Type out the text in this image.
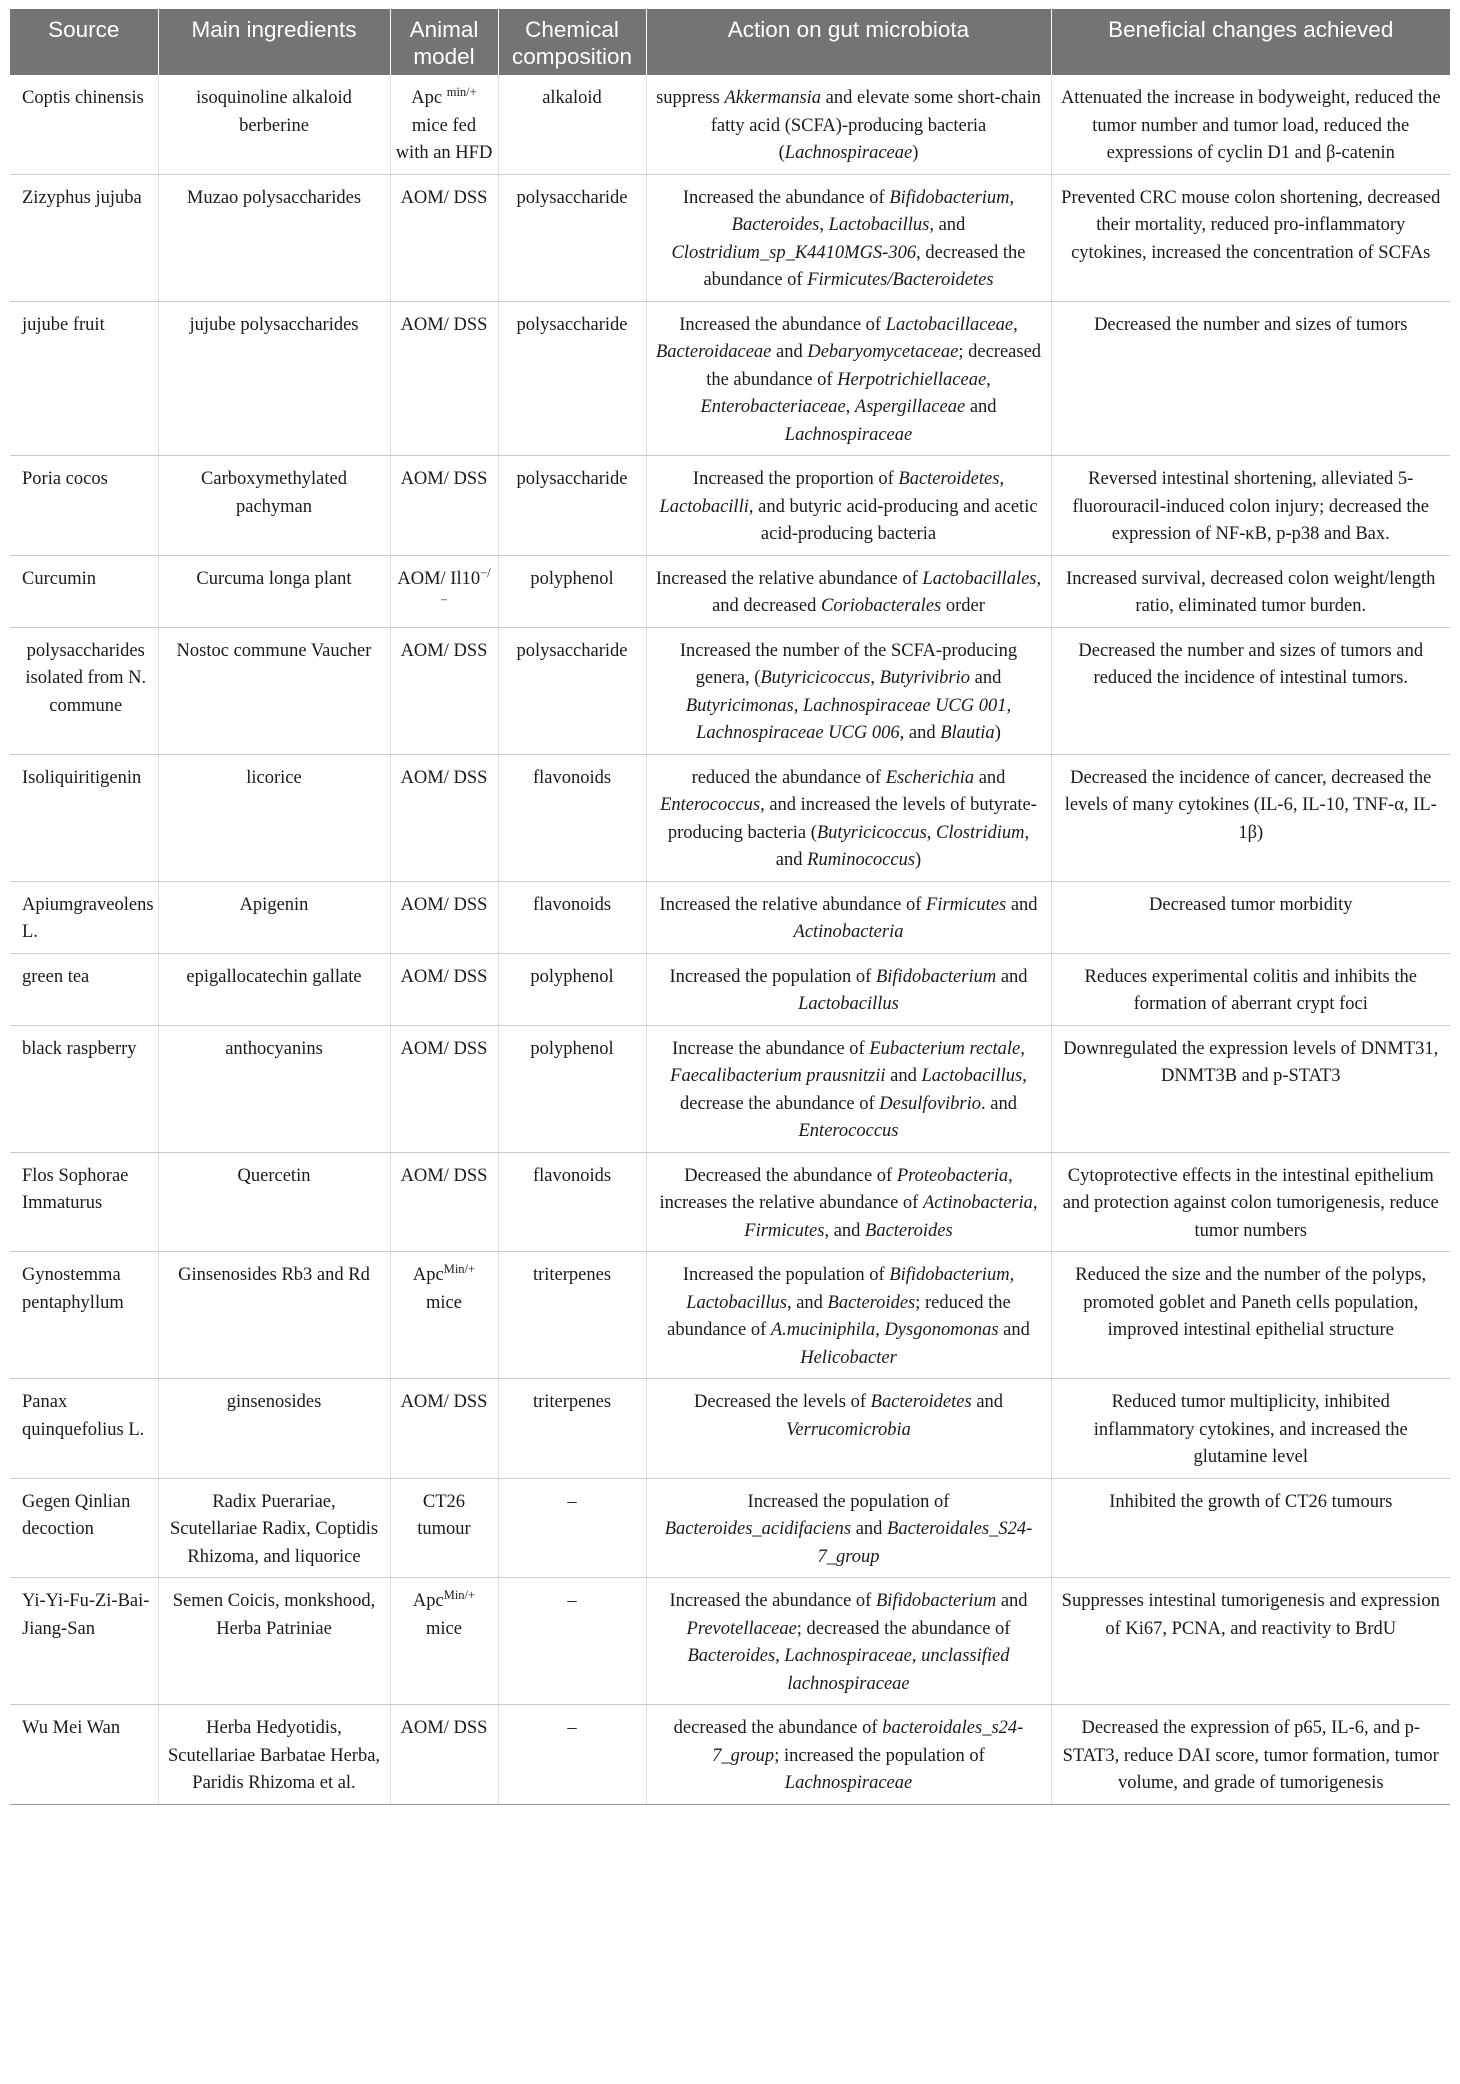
Source	Main ingredients	Animal model	Chemical composition	Action on gut microbiota	Beneficial changes achieved
Coptis chinensis	isoquinoline alkaloid berberine	Apc $^{min/+}$ mice fed with an HFD	alkaloid	suppress Akkermansia and elevate some short-chain fatty acid (SCFA)-producing bacteria (Lachnospiraceae)	Attenuated the increase in bodyweight, reduced the tumor number and tumor load, reduced the expressions of cyclin D1 and β-catenin
Zizyphus jujuba	Muzao polysaccharides	AOM/ DSS	polysaccharide	Increased the abundance of Bifidobacterium, Bacteroides, Lactobacillus, and Clostridium_sp_K4410MGS-306, decreased the abundance of Firmicutes/Bacteroidetes	Prevented CRC mouse colon shortening, decreased their mortality, reduced pro-inflammatory cytokines, increased the concentration of SCFAs
jujube fruit	jujube polysaccharides	AOM/ DSS	polysaccharide	Increased the abundance of Lactobacillaceae, Bacteroidaceae and Debaryomycetaceae; decreased the abundance of Herpotrichiellaceae, Enterobacteriaceae, Aspergillaceae and Lachnospiraceae	Decreased the number and sizes of tumors
Poria cocos	Carboxymethylated pachyman	AOM/ DSS	polysaccharide	Increased the proportion of Bacteroidetes, Lactobacilli, and butyric acid-producing and acetic acid-producing bacteria	Reversed intestinal shortening, alleviated 5-fluorouracil-induced colon injury; decreased the expression of NF-κB, p-p38 and Bax.
Curcumin	Curcuma longa plant	AOM/ Il10−/−	polyphenol	Increased the relative abundance of Lactobacillales, and decreased Coriobacterales order	Increased survival, decreased colon weight/length ratio, eliminated tumor burden.
polysaccharides isolated from N. commune	Nostoc commune Vaucher	AOM/ DSS	polysaccharide	Increased the number of the SCFA-producing genera, (Butyricicoccus, Butyrivibrio and Butyricimonas, Lachnospiraceae UCG 001, Lachnospiraceae UCG 006, and Blautia)	Decreased the number and sizes of tumors and reduced the incidence of intestinal tumors.
Isoliquiritigenin	licorice	AOM/ DSS	flavonoids	reduced the abundance of Escherichia and Enterococcus, and increased the levels of butyrate-producing bacteria (Butyricicoccus, Clostridium, and Ruminococcus)	Decreased the incidence of cancer, decreased the levels of many cytokines (IL-6, IL-10, TNF-α, IL-1β)
Apiumgraveolens L.	Apigenin	AOM/ DSS	flavonoids	Increased the relative abundance of Firmicutes and Actinobacteria	Decreased tumor morbidity
green tea	epigallocatechin gallate	AOM/ DSS	polyphenol	Increased the population of Bifidobacterium and Lactobacillus	Reduces experimental colitis and inhibits the formation of aberrant crypt foci
black raspberry	anthocyanins	AOM/ DSS	polyphenol	Increase the abundance of Eubacterium rectale, Faecalibacterium prausnitzii and Lactobacillus, decrease the abundance of Desulfovibrio. and Enterococcus	Downregulated the expression levels of DNMT31, DNMT3B and p-STAT3
Flos Sophorae Immaturus	Quercetin	AOM/ DSS	flavonoids	Decreased the abundance of Proteobacteria, increases the relative abundance of Actinobacteria, Firmicutes, and Bacteroides	Cytoprotective effects in the intestinal epithelium and protection against colon tumorigenesis, reduce tumor numbers
Gynostemma pentaphyllum	Ginsenosides Rb3 and Rd	Apc$^{Min/+}$ mice	triterpenes	Increased the population of Bifidobacterium, Lactobacillus, and Bacteroides; reduced the abundance of A.muciniphila, Dysgonomonas and Helicobacter	Reduced the size and the number of the polyps, promoted goblet and Paneth cells population, improved intestinal epithelial structure
Panax quinquefolius L.	ginsenosides	AOM/ DSS	triterpenes	Decreased the levels of Bacteroidetes and Verrucomicrobia	Reduced tumor multiplicity, inhibited inflammatory cytokines, and increased the glutamine level
Gegen Qinlian decoction	Radix Puerariae, Scutellariae Radix, Coptidis Rhizoma, and liquorice	CT26 tumour	–	Increased the population of Bacteroides_acidifaciens and Bacteroidales_S24-7_group	Inhibited the growth of CT26 tumours
Yi-Yi-Fu-Zi-Bai-Jiang-San	Semen Coicis, monkshood, Herba Patriniae	Apc$^{Min/+}$ mice	–	Increased the abundance of Bifidobacterium and Prevotellaceae; decreased the abundance of Bacteroides, Lachnospiraceae, unclassified lachnospiraceae	Suppresses intestinal tumorigenesis and expression of Ki67, PCNA, and reactivity to BrdU
Wu Mei Wan	Herba Hedyotidis, Scutellariae Barbatae Herba, Paridis Rhizoma et al.	AOM/ DSS	–	decreased the abundance of bacteroidales_s24-7_group; increased the population of Lachnospiraceae	Decreased the expression of p65, IL-6, and p-STAT3, reduce DAI score, tumor formation, tumor volume, and grade of tumorigenesis
